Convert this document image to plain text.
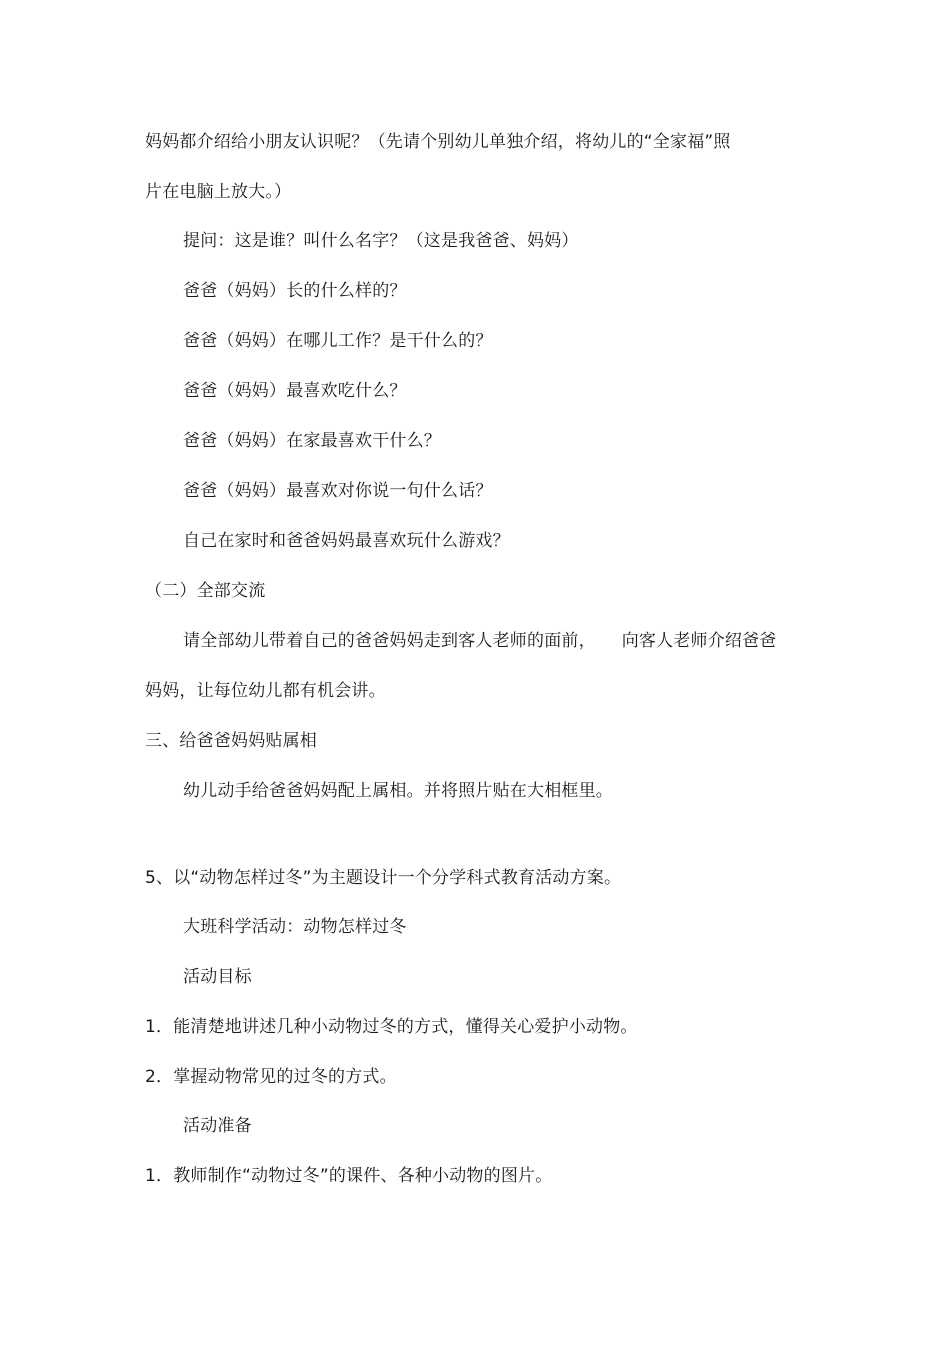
妈妈都介绍给小朋友认识呢？（先请个别幼儿单独介绍，将幼儿的“全家福”照
片在电脑上放大。）
提问：这是谁？叫什么名字？（这是我爸爸、妈妈）
爸爸（妈妈）长的什么样的？
爸爸（妈妈）在哪儿工作？是干什么的？
爸爸（妈妈）最喜欢吃什么？
爸爸（妈妈）在家最喜欢干什么？
爸爸（妈妈）最喜欢对你说一句什么话？
自己在家时和爸爸妈妈最喜欢玩什么游戏？
（二）全部交流
请全部幼儿带着自己的爸爸妈妈走到客人老师的面前，　　向客人老师介绍爸爸
妈妈，让每位幼儿都有机会讲。
三、给爸爸妈妈贴属相
幼儿动手给爸爸妈妈配上属相。并将照片贴在大相框里。
5、以“动物怎样过冬”为主题设计一个分学科式教育活动方案。
大班科学活动：动物怎样过冬
活动目标
1．能清楚地讲述几种小动物过冬的方式，懂得关心爱护小动物。
2．掌握动物常见的过冬的方式。
活动准备
1．教师制作“动物过冬”的课件、各种小动物的图片。
